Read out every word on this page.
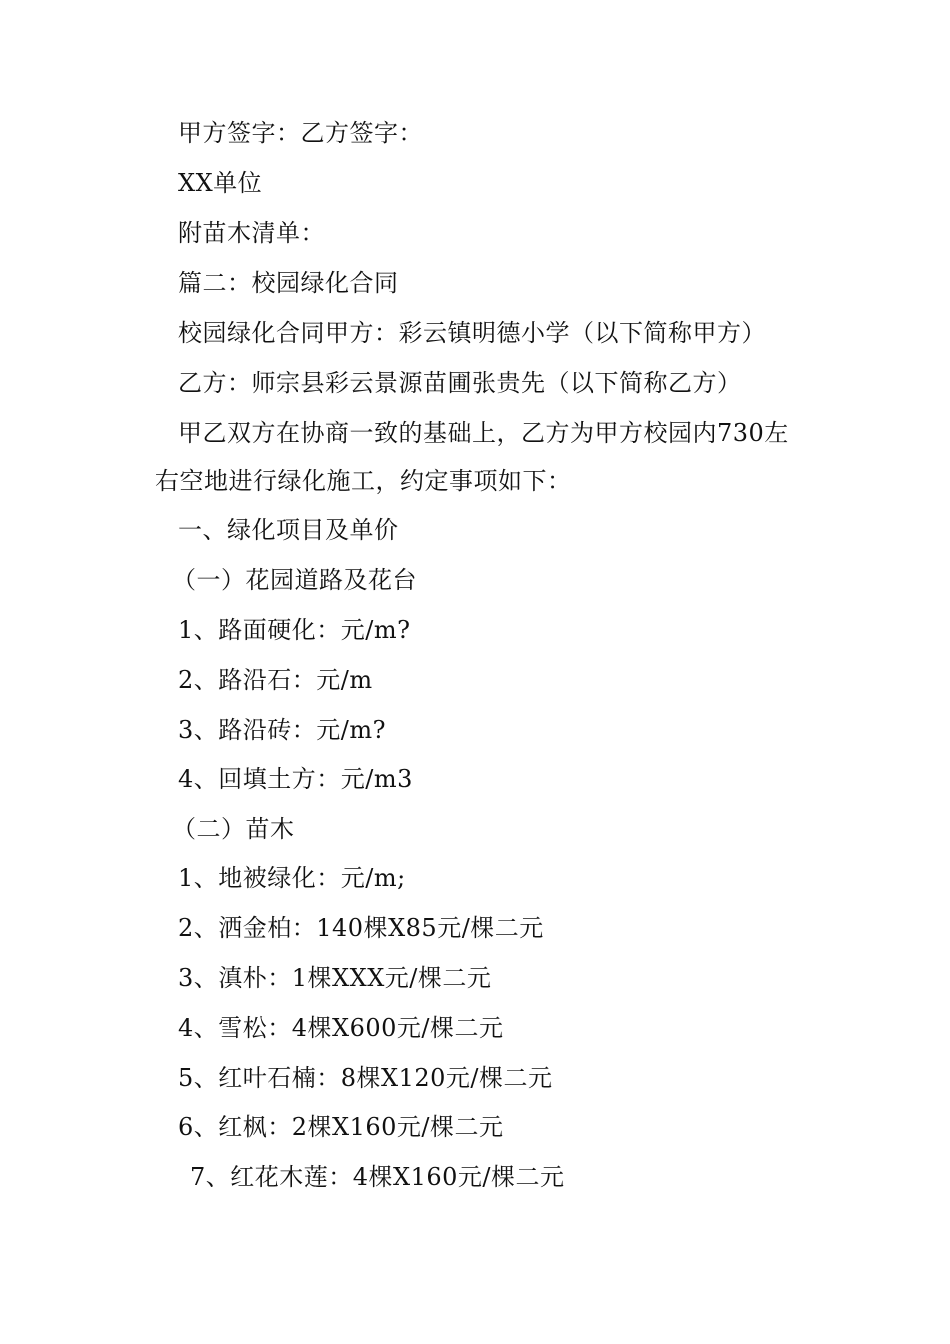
甲方签字：乙方签字：
XX单位
附苗木清单：
篇二：校园绿化合同
校园绿化合同甲方：彩云镇明德小学（以下简称甲方）
乙方：师宗县彩云景源苗圃张贵先（以下简称乙方）
甲乙双方在协商一致的基础上，乙方为甲方校园内730左
右空地进行绿化施工，约定事项如下：
一、绿化项目及单价
（一）花园道路及花台
1、路面硬化：元/m?
2、路沿石：元/m
3、路沿砖：元/m?
4、回填土方：元/m3
（二）苗木
1、地被绿化：元/m;
2、洒金柏：140棵X85元/棵二元
3、滇朴：1棵XXX元/棵二元
4、雪松：4棵X600元/棵二元
5、红叶石楠：8棵X120元/棵二元
6、红枫：2棵X160元/棵二元
7、红花木莲：4棵X160元/棵二元
